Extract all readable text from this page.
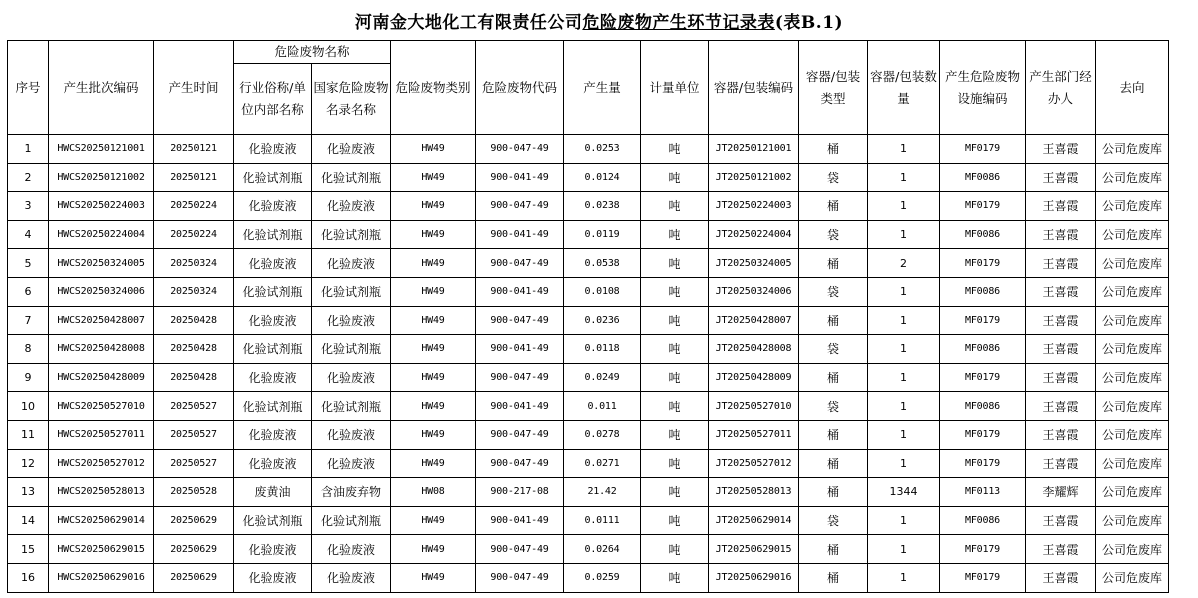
河南金大地化工有限责任公司 危险废物产生环节记录表 (表B.1)
序号	产生批次编码	产生时间	危险废物名称		危险废物类别	危险废物代码	产生量	计量单位	容器/包装编码	容器/包装类型	容器/包装数量	产生危险废物设施编码	产生部门经办人	去向
			行业俗称/单位内部名称	国家危险废物名录名称										
1	HWCS20250121001	20250121	化验废液	化验废液	HW49	900-047-49	0.0253	吨	JT20250121001	桶	1	MF0179	王喜霞	公司危废库
2	HWCS20250121002	20250121	化验试剂瓶	化验试剂瓶	HW49	900-041-49	0.0124	吨	JT20250121002	袋	1	MF0086	王喜霞	公司危废库
3	HWCS20250224003	20250224	化验废液	化验废液	HW49	900-047-49	0.0238	吨	JT20250224003	桶	1	MF0179	王喜霞	公司危废库
4	HWCS20250224004	20250224	化验试剂瓶	化验试剂瓶	HW49	900-041-49	0.0119	吨	JT20250224004	袋	1	MF0086	王喜霞	公司危废库
5	HWCS20250324005	20250324	化验废液	化验废液	HW49	900-047-49	0.0538	吨	JT20250324005	桶	2	MF0179	王喜霞	公司危废库
6	HWCS20250324006	20250324	化验试剂瓶	化验试剂瓶	HW49	900-041-49	0.0108	吨	JT20250324006	袋	1	MF0086	王喜霞	公司危废库
7	HWCS20250428007	20250428	化验废液	化验废液	HW49	900-047-49	0.0236	吨	JT20250428007	桶	1	MF0179	王喜霞	公司危废库
8	HWCS20250428008	20250428	化验试剂瓶	化验试剂瓶	HW49	900-041-49	0.0118	吨	JT20250428008	袋	1	MF0086	王喜霞	公司危废库
9	HWCS20250428009	20250428	化验废液	化验废液	HW49	900-047-49	0.0249	吨	JT20250428009	桶	1	MF0179	王喜霞	公司危废库
10	HWCS20250527010	20250527	化验试剂瓶	化验试剂瓶	HW49	900-041-49	0.011	吨	JT20250527010	袋	1	MF0086	王喜霞	公司危废库
11	HWCS20250527011	20250527	化验废液	化验废液	HW49	900-047-49	0.0278	吨	JT20250527011	桶	1	MF0179	王喜霞	公司危废库
12	HWCS20250527012	20250527	化验废液	化验废液	HW49	900-047-49	0.0271	吨	JT20250527012	桶	1	MF0179	王喜霞	公司危废库
13	HWCS20250528013	20250528	废黄油	含油废弃物	HW08	900-217-08	21.42	吨	JT20250528013	桶	1344	MF0113	李耀辉	公司危废库
14	HWCS20250629014	20250629	化验试剂瓶	化验试剂瓶	HW49	900-041-49	0.0111	吨	JT20250629014	袋	1	MF0086	王喜霞	公司危废库
15	HWCS20250629015	20250629	化验废液	化验废液	HW49	900-047-49	0.0264	吨	JT20250629015	桶	1	MF0179	王喜霞	公司危废库
16	HWCS20250629016	20250629	化验废液	化验废液	HW49	900-047-49	0.0259	吨	JT20250629016	桶	1	MF0179	王喜霞	公司危废库
